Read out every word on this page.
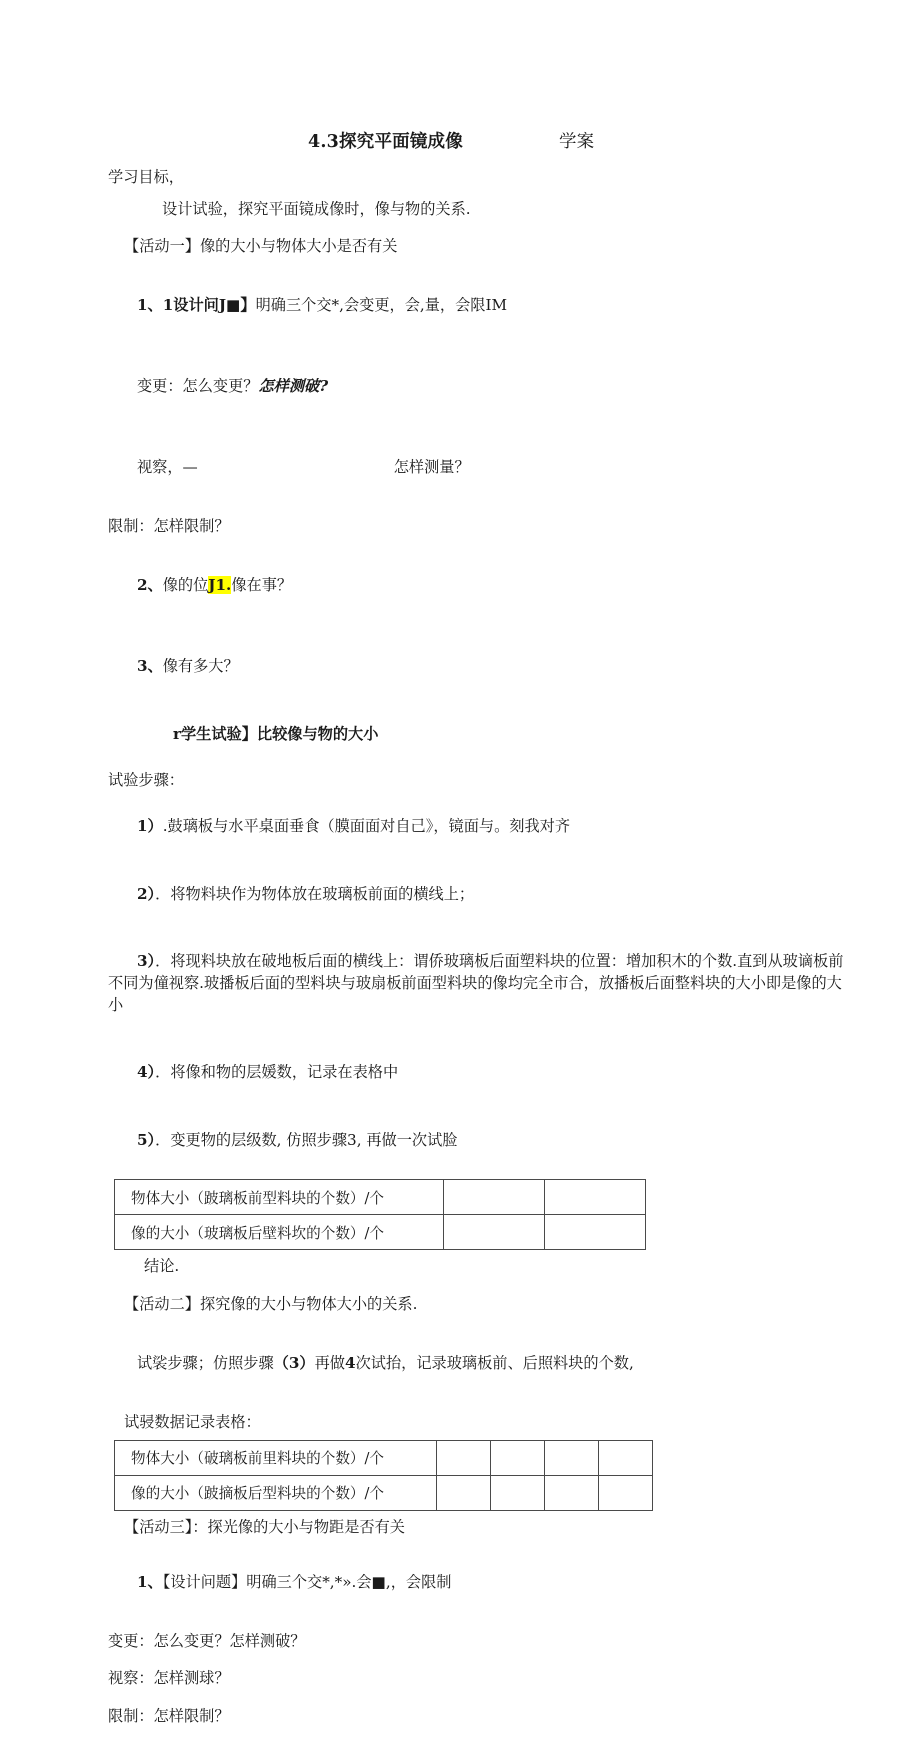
4.3探究平面镜成像	学案

学习目标，

设计试验，探究平面镜成像时，像与物的关系.

【活动一】像的大小与物体大小是否有关

1、1设计问J■】明确三个交*,会变更，会,量，会限IM

变更：怎么变更？怎样测破?

视察，—	怎样测量？

限制：怎样限制？

2、像的位J1.像在事？

3、像有多大？

r学生试验】比较像与物的大小

试验步骤：

1）.鼓璃板与水平桌面垂食（膜面面对自己》，镜面与。刻我对齐

2）．将物料块作为物体放在玻璃板前面的横线上；

3）．将现料块放在破地板后面的横线上：谓侨玻璃板后面塑料块的位置：增加积木的个数.直到从玻谪板前不同为僮视察.玻播板后面的型料块与玻扇板前面型料块的像均完全市合，放播板后面整料块的大小即是像的大小

4）．将像和物的层媛数，记录在表格中

5）．变更物的层级数, 仿照步骤3, 再做一次试脸

物体大小（跛璃板前型料块的个数）/个		
像的大小（玻璃板后壁料坎的个数）/个		

结论.

【活动二】探究像的大小与物体大小的关系.

试裟步骤；仿照步骤（3）再做4次试抬，记录玻璃板前、后照料块的个数,

试骎数据记录表格：

物体大小（破璃板前里料块的个数）/个				
像的大小（跛摘板后型料块的个数）/个				

【活动三】：探光像的大小与物距是否有关

1、【设计问题】明确三个交*,*».会■,，会限制

变更：怎么变更？怎样测破？

视察：怎样测球？

限制：怎样限制？
